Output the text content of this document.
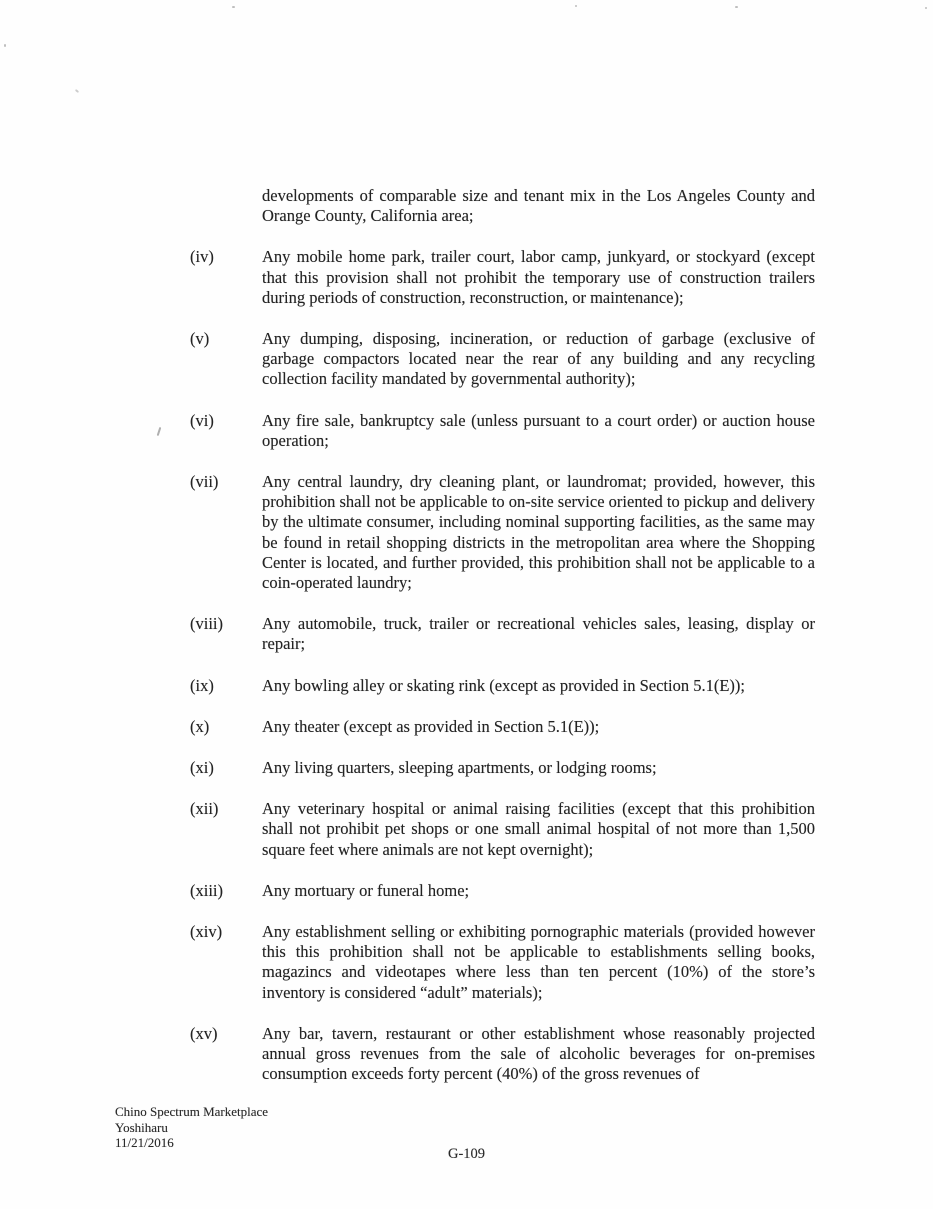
developments of comparable size and tenant mix in the Los Angeles County and Orange County, California area;

(iv)	Any mobile home park, trailer court, labor camp, junkyard, or stockyard (except that this provision shall not prohibit the temporary use of construction trailers during periods of construction, reconstruction, or maintenance);
(v)	Any dumping, disposing, incineration, or reduction of garbage (exclusive of garbage compactors located near the rear of any building and any recycling collection facility mandated by governmental authority);
(vi)	Any fire sale, bankruptcy sale (unless pursuant to a court order) or auction house operation;
(vii)	Any central laundry, dry cleaning plant, or laundromat; provided, however, this prohibition shall not be applicable to on-site service oriented to pickup and delivery by the ultimate consumer, including nominal supporting facilities, as the same may be found in retail shopping districts in the metropolitan area where the Shopping Center is located, and further provided, this prohibition shall not be applicable to a coin-operated laundry;
(viii)	Any automobile, truck, trailer or recreational vehicles sales, leasing, display or repair;
(ix)	Any bowling alley or skating rink (except as provided in Section 5.1(E));
(x)	Any theater (except as provided in Section 5.1(E));
(xi)	Any living quarters, sleeping apartments, or lodging rooms;
(xii)	Any veterinary hospital or animal raising facilities (except that this prohibition shall not prohibit pet shops or one small animal hospital of not more than 1,500 square feet where animals are not kept overnight);
(xiii)	Any mortuary or funeral home;
(xiv)	Any establishment selling or exhibiting pornographic materials (provided however this this prohibition shall not be applicable to establishments selling books, magazincs and videotapes where less than ten percent (10%) of the store’s inventory is considered “adult” materials);
(xv)	Any bar, tavern, restaurant or other establishment whose reasonably projected annual gross revenues from the sale of alcoholic beverages for on-premises consumption exceeds forty percent (40%) of the gross revenues of
Chino Spectrum Marketplace
Yoshiharu
11/21/2016
G-109
